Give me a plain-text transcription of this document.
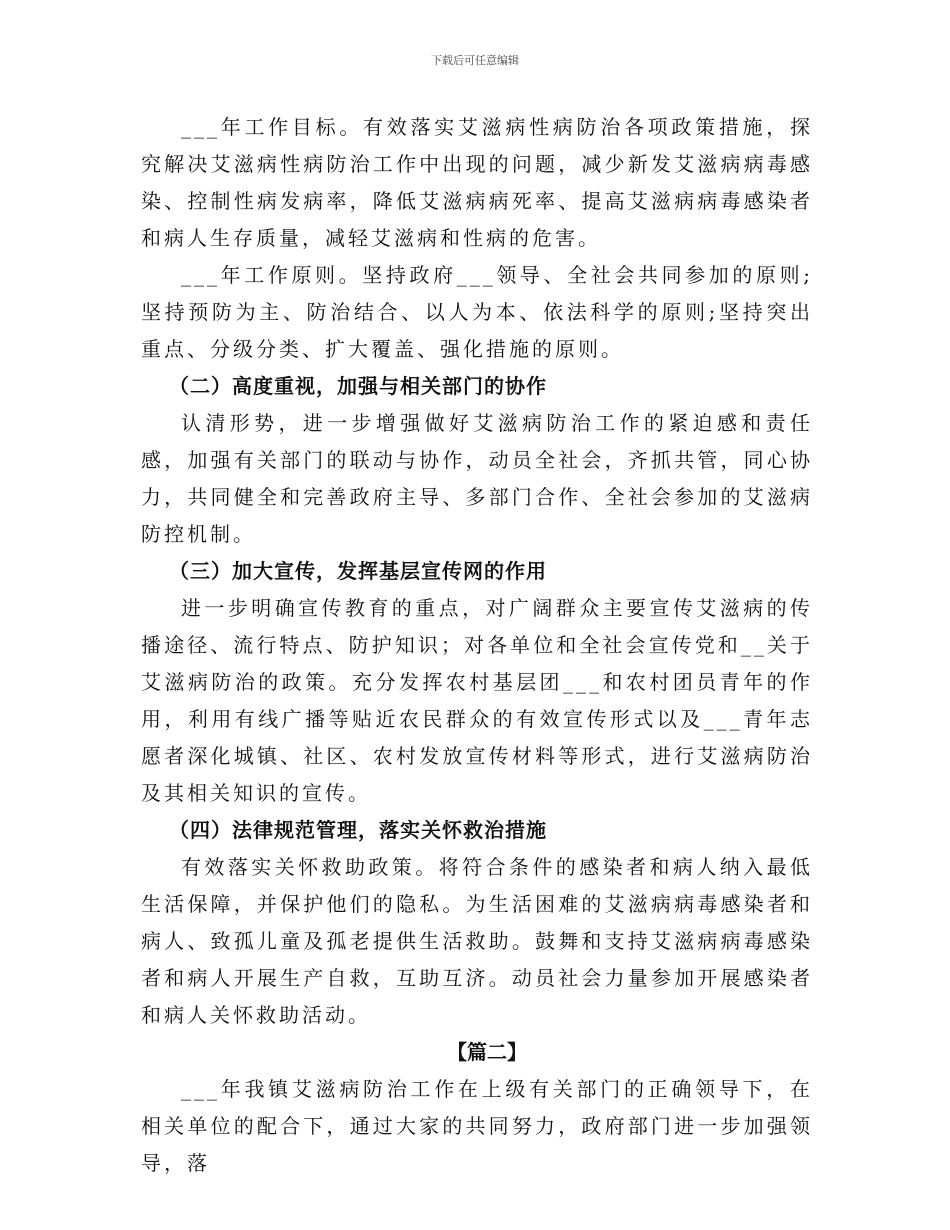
下载后可任意编辑

___年工作目标。有效落实艾滋病性病防治各项政策措施，探究解决艾滋病性病防治工作中出现的问题，减少新发艾滋病病毒感染、控制性病发病率，降低艾滋病病死率、提高艾滋病病毒感染者和病人生存质量，减轻艾滋病和性病的危害。

___年工作原则。坚持政府___领导、全社会共同参加的原则;坚持预防为主、防治结合、以人为本、依法科学的原则;坚持突出重点、分级分类、扩大覆盖、强化措施的原则。

（二）高度重视，加强与相关部门的协作

认清形势，进一步增强做好艾滋病防治工作的紧迫感和责任感，加强有关部门的联动与协作，动员全社会，齐抓共管，同心协力，共同健全和完善政府主导、多部门合作、全社会参加的艾滋病防控机制。

（三）加大宣传，发挥基层宣传网的作用

进一步明确宣传教育的重点，对广阔群众主要宣传艾滋病的传播途径、流行特点、防护知识；对各单位和全社会宣传党和__关于艾滋病防治的政策。充分发挥农村基层团___和农村团员青年的作用，利用有线广播等贴近农民群众的有效宣传形式以及___青年志愿者深化城镇、社区、农村发放宣传材料等形式，进行艾滋病防治及其相关知识的宣传。

（四）法律规范管理，落实关怀救治措施

有效落实关怀救助政策。将符合条件的感染者和病人纳入最低生活保障，并保护他们的隐私。为生活困难的艾滋病病毒感染者和病人、致孤儿童及孤老提供生活救助。鼓舞和支持艾滋病病毒感染者和病人开展生产自救，互助互济。动员社会力量参加开展感染者和病人关怀救助活动。

【篇二】

___年我镇艾滋病防治工作在上级有关部门的正确领导下，在相关单位的配合下，通过大家的共同努力，政府部门进一步加强领导，落
